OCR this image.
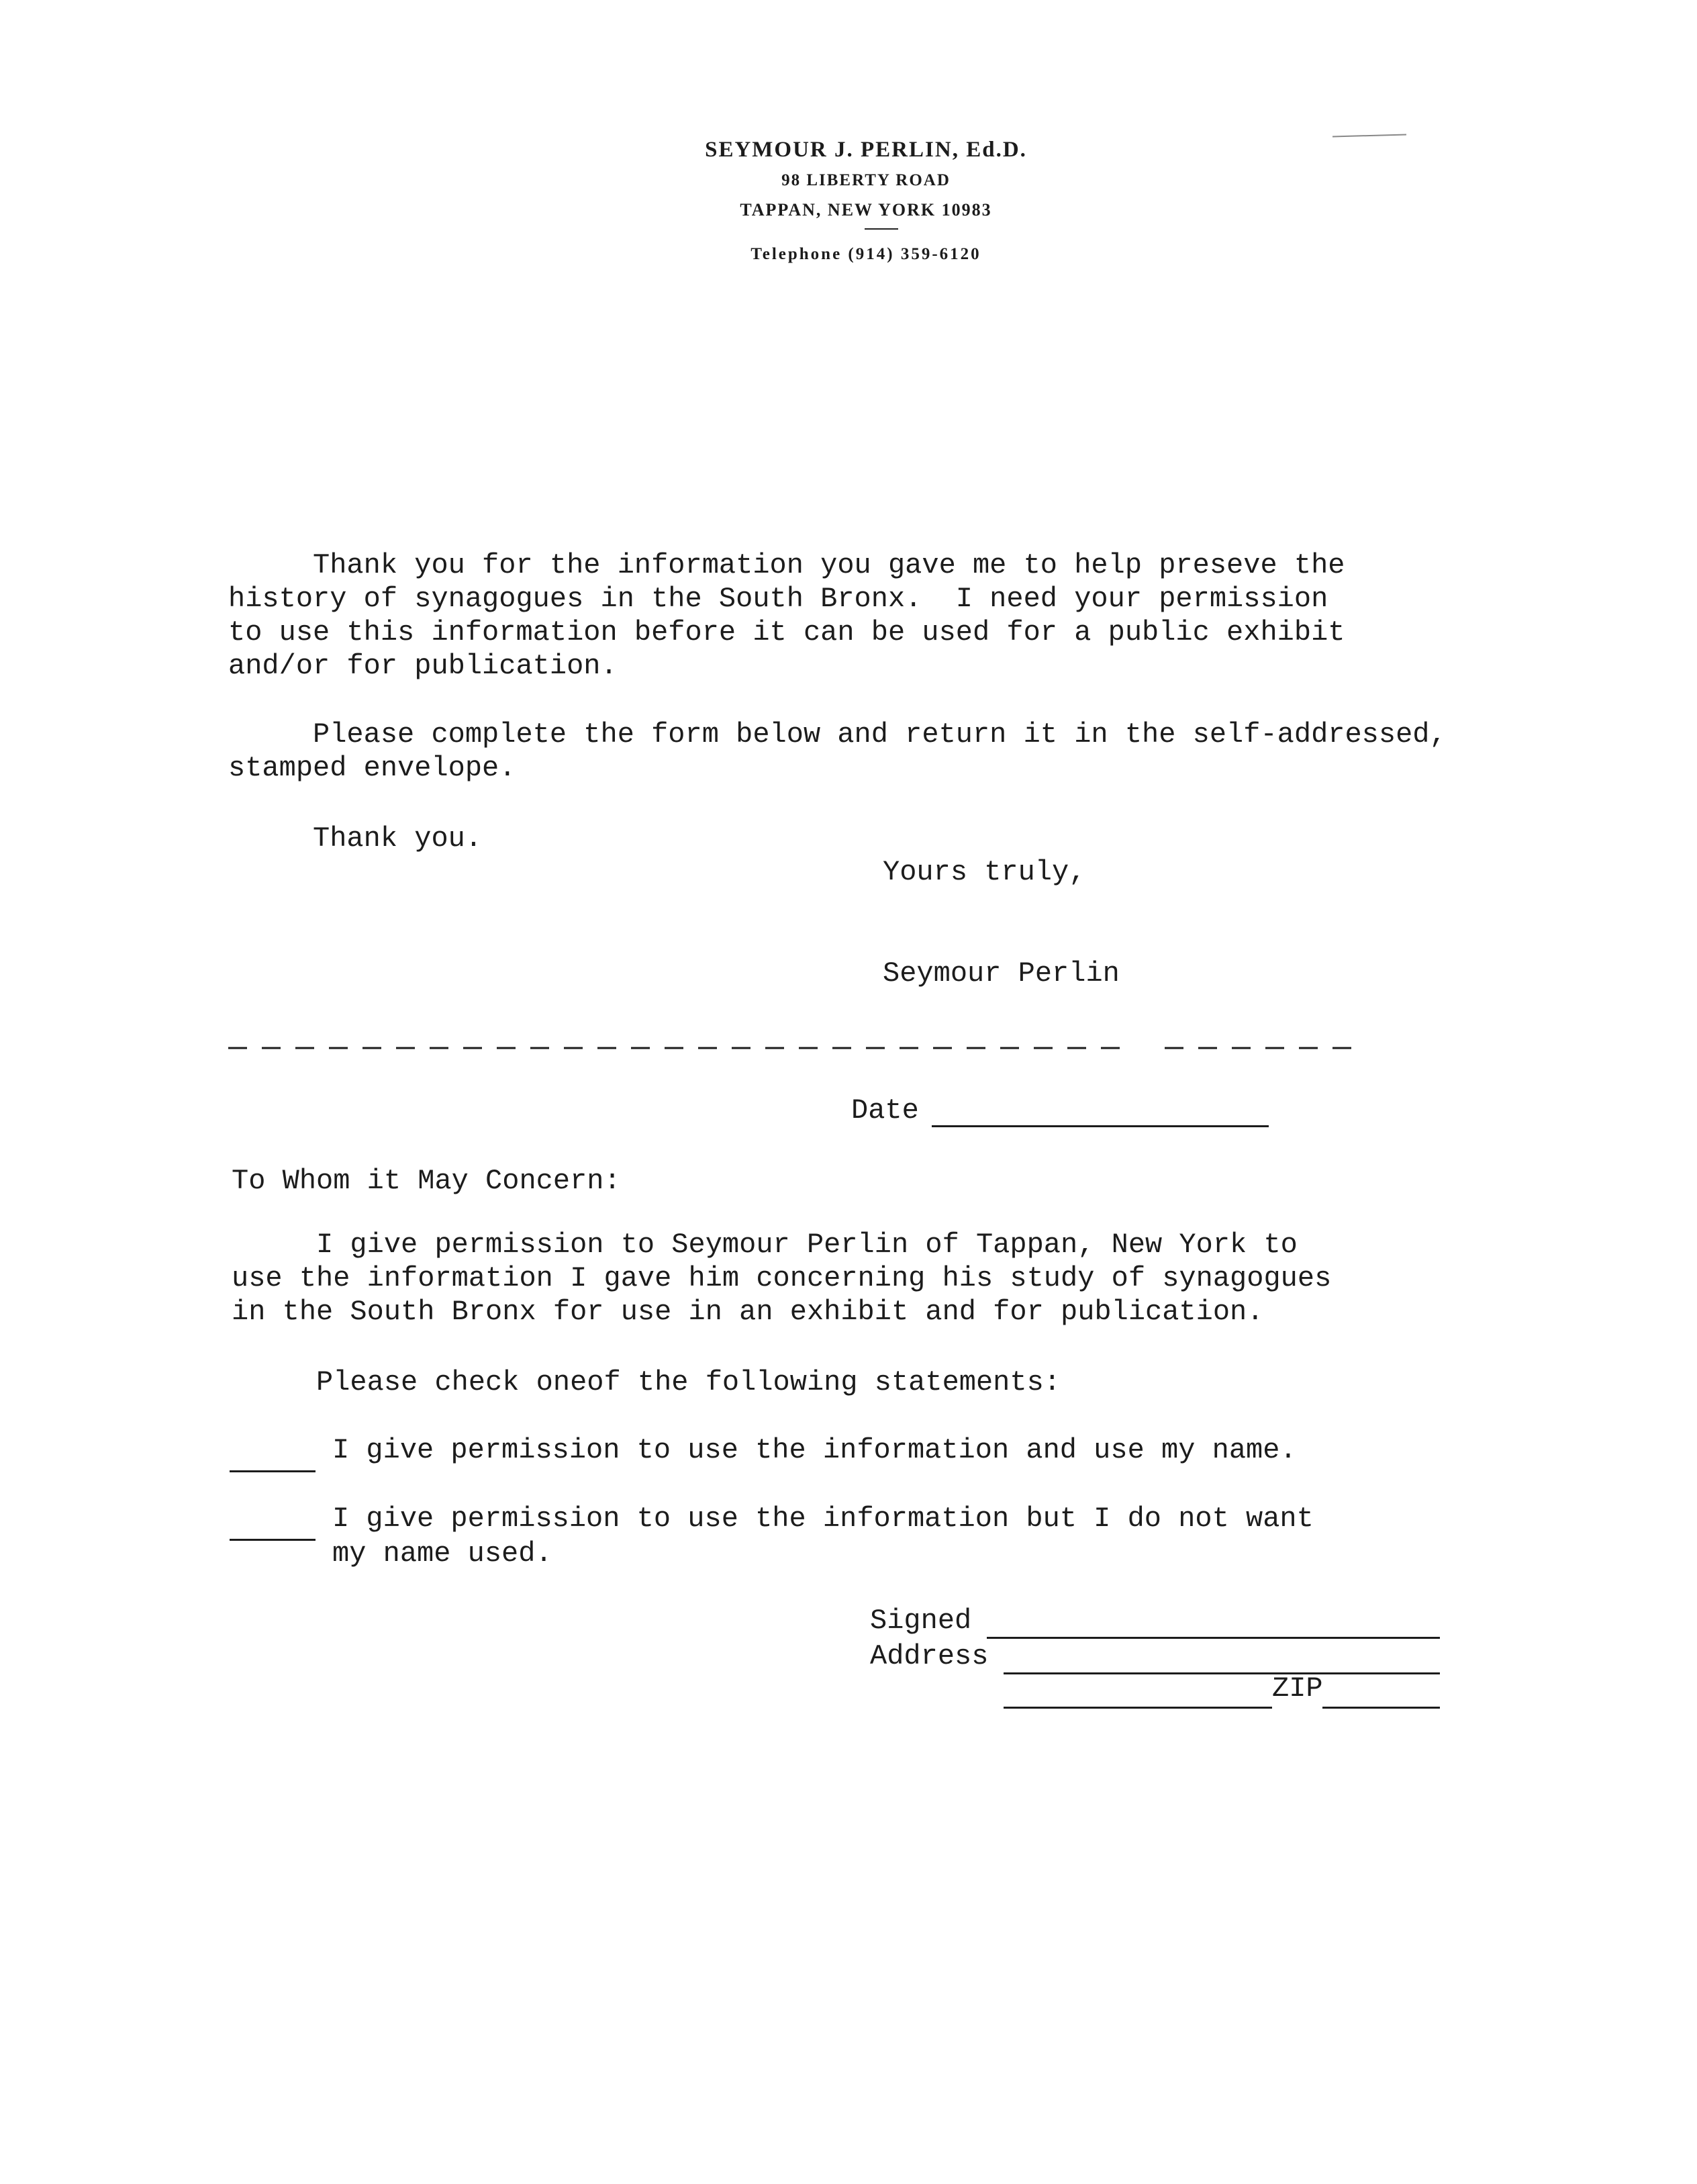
SEYMOUR J. PERLIN, Ed.D.
98 LIBERTY ROAD
TAPPAN, NEW YORK 10983
Telephone (914) 359-6120
Thank you for the information you gave me to help preseve the
history of synagogues in the South Bronx.  I need your permission
to use this information before it can be used for a public exhibit
and/or for publication.
Please complete the form below and return it in the self-addressed,
stamped envelope.
Thank you.
Yours truly,
Seymour Perlin
Date
To Whom it May Concern:
I give permission to Seymour Perlin of Tappan, New York to
use the information I gave him concerning his study of synagogues
in the South Bronx for use in an exhibit and for publication.
Please check oneof the following statements:
I give permission to use the information and use my name.
I give permission to use the information but I do not want
my name used.
Signed
Address
ZIP
